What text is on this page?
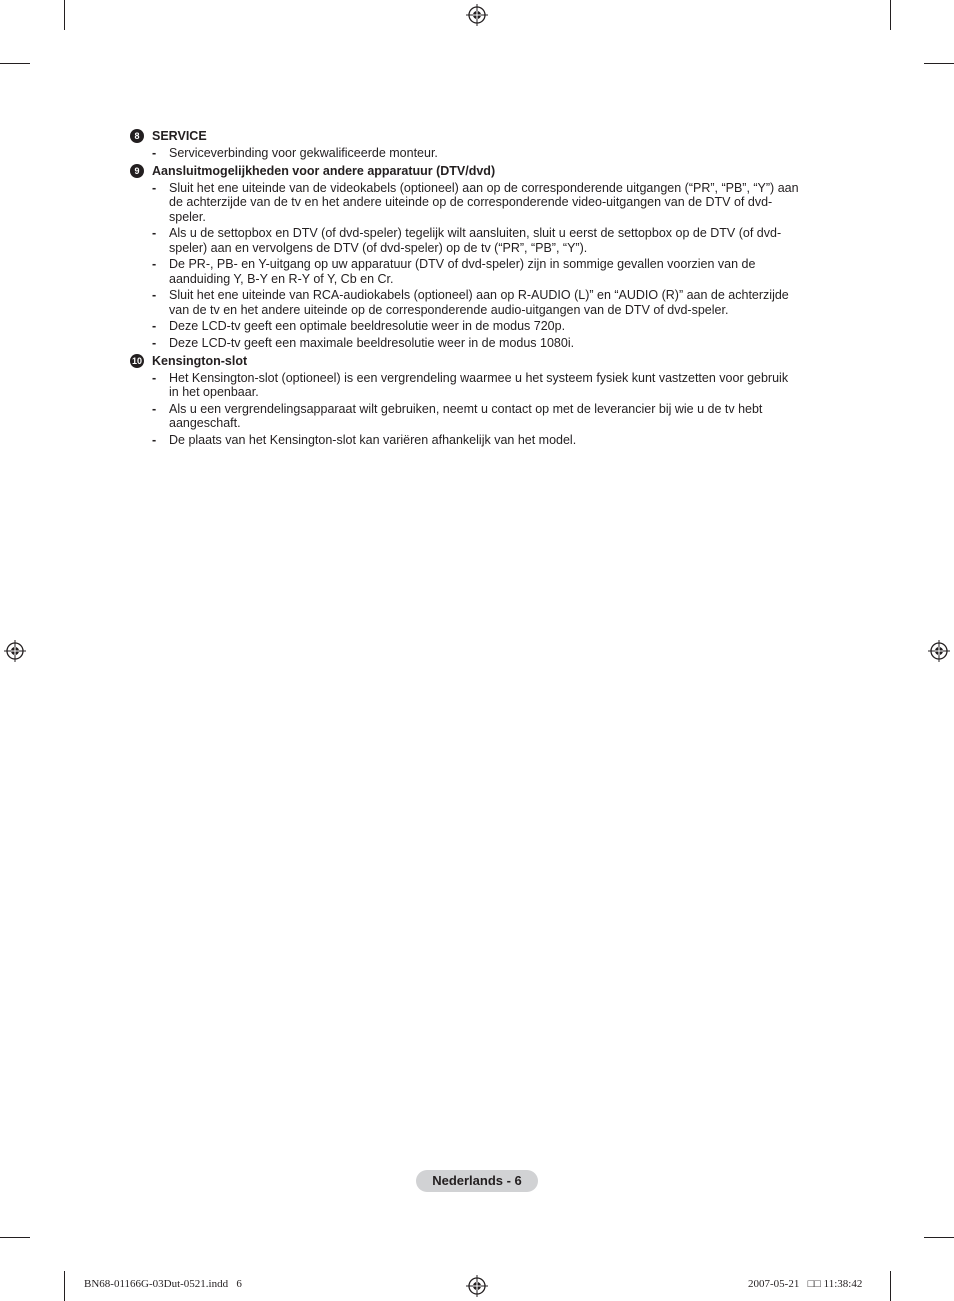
8	SERVICE
- Serviceverbinding voor gekwalificeerde monteur.
9	Aansluitmogelijkheden voor andere apparatuur (DTV/dvd)
- Sluit het ene uiteinde van de videokabels (optioneel) aan op de corresponderende uitgangen (“PR”, “PB”, “Y”) aan de achterzijde van de tv en het andere uiteinde op de corresponderende video-uitgangen van de DTV of dvd-speler.
- Als u de settopbox en DTV (of dvd-speler) tegelijk wilt aansluiten, sluit u eerst de settopbox op de DTV (of dvd-speler) aan en vervolgens de DTV (of dvd-speler) op de tv (“PR”, “PB”, “Y”).
- De PR-, PB- en Y-uitgang op uw apparatuur (DTV of dvd-speler) zijn in sommige gevallen voorzien van de aanduiding Y, B-Y en R-Y of Y, Cb en Cr.
- Sluit het ene uiteinde van RCA-audiokabels (optioneel) aan op R-AUDIO (L)” en “AUDIO (R)” aan de achterzijde van de tv en het andere uiteinde op de corresponderende audio-uitgangen van de DTV of dvd-speler.
- Deze LCD-tv geeft een optimale beeldresolutie weer in de modus 720p.
- Deze LCD-tv geeft een maximale beeldresolutie weer in de modus 1080i.
10 Kensington-slot
- Het Kensington-slot (optioneel) is een vergrendeling waarmee u het systeem fysiek kunt vastzetten voor gebruik in het openbaar.
- Als u een vergrendelingsapparaat wilt gebruiken, neemt u contact op met de leverancier bij wie u de tv hebt aangeschaft.
- De plaats van het Kensington-slot kan variëren afhankelijk van het model.
Nederlands - 6
BN68-01166G-03Dut-0521.indd   6	2007-05-21   □□ 11:38:42
